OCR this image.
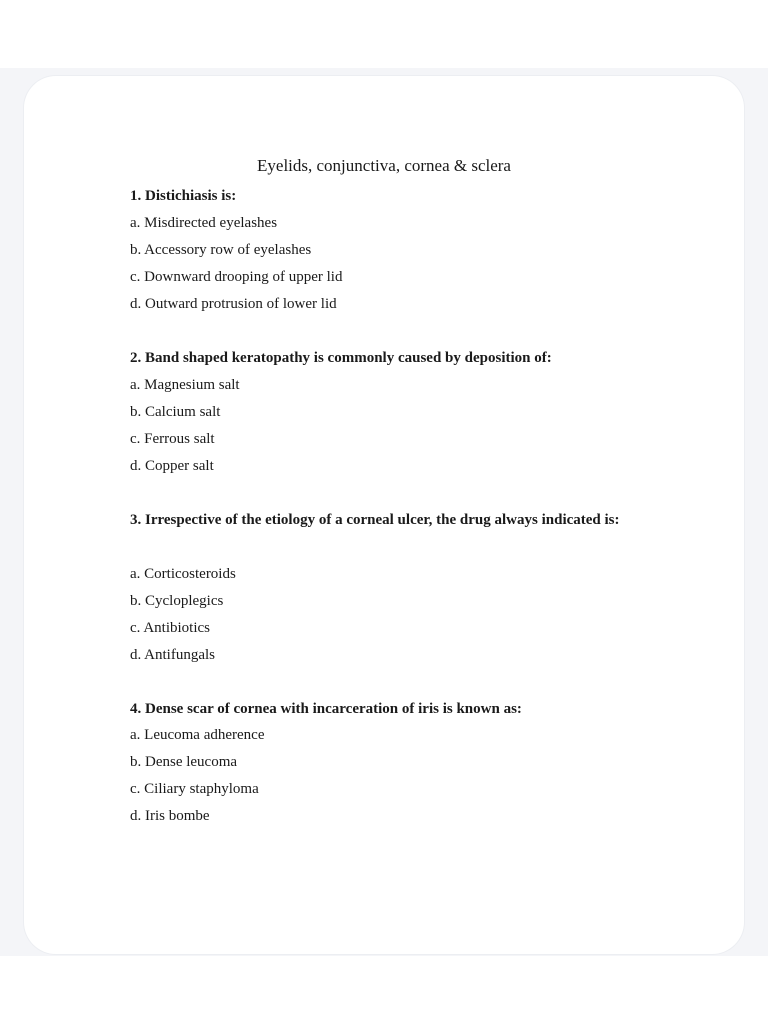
Eyelids, conjunctiva, cornea & sclera
1. Distichiasis is:
a. Misdirected eyelashes
b. Accessory row of eyelashes
c. Downward drooping of upper lid
d. Outward protrusion of lower lid
2. Band shaped keratopathy is commonly caused by deposition of:
a. Magnesium salt
b. Calcium salt
c. Ferrous salt
d. Copper salt
3. Irrespective of the etiology of a corneal ulcer, the drug always indicated is:
a. Corticosteroids
b. Cycloplegics
c. Antibiotics
d. Antifungals
4. Dense scar of cornea with incarceration of iris is known as:
a. Leucoma adherence
b. Dense leucoma
c. Ciliary staphyloma
d. Iris bombe
